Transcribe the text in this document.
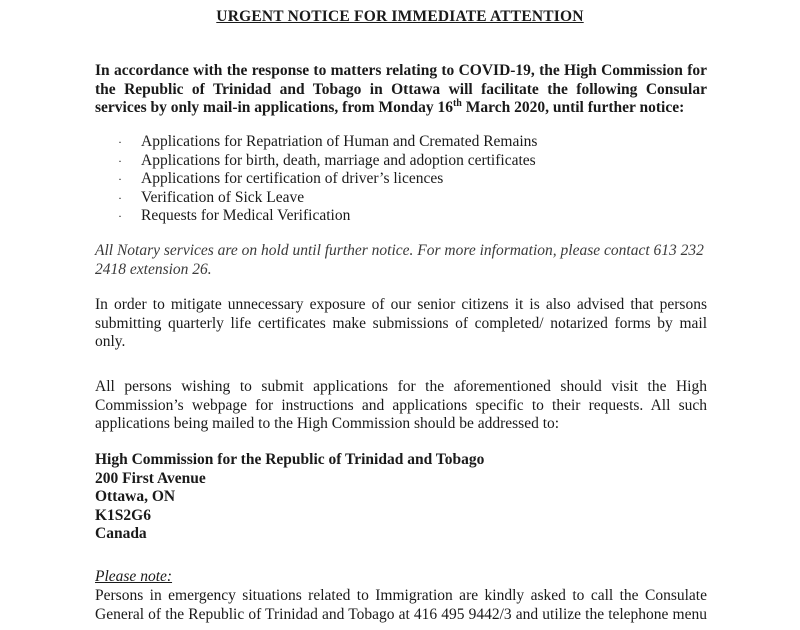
URGENT NOTICE FOR IMMEDIATE ATTENTION

In accordance with the response to matters relating to COVID-19, the High Commission for the Republic of Trinidad and Tobago in Ottawa will facilitate the following Consular services by only mail-in applications, from Monday 16th March 2020, until further notice:

· Applications for Repatriation of Human and Cremated Remains
· Applications for birth, death, marriage and adoption certificates
· Applications for certification of driver’s licences
· Verification of Sick Leave
· Requests for Medical Verification

All Notary services are on hold until further notice. For more information, please contact 613 232 2418 extension 26.

In order to mitigate unnecessary exposure of our senior citizens it is also advised that persons submitting quarterly life certificates make submissions of completed/ notarized forms by mail only.

All persons wishing to submit applications for the aforementioned should visit the High Commission’s webpage for instructions and applications specific to their requests. All such applications being mailed to the High Commission should be addressed to:

High Commission for the Republic of Trinidad and Tobago
200 First Avenue
Ottawa, ON
K1S2G6
Canada
Please note:

Persons in emergency situations related to Immigration are kindly asked to call the Consulate General of the Republic of Trinidad and Tobago at 416 495 9442/3 and utilize the telephone menu
